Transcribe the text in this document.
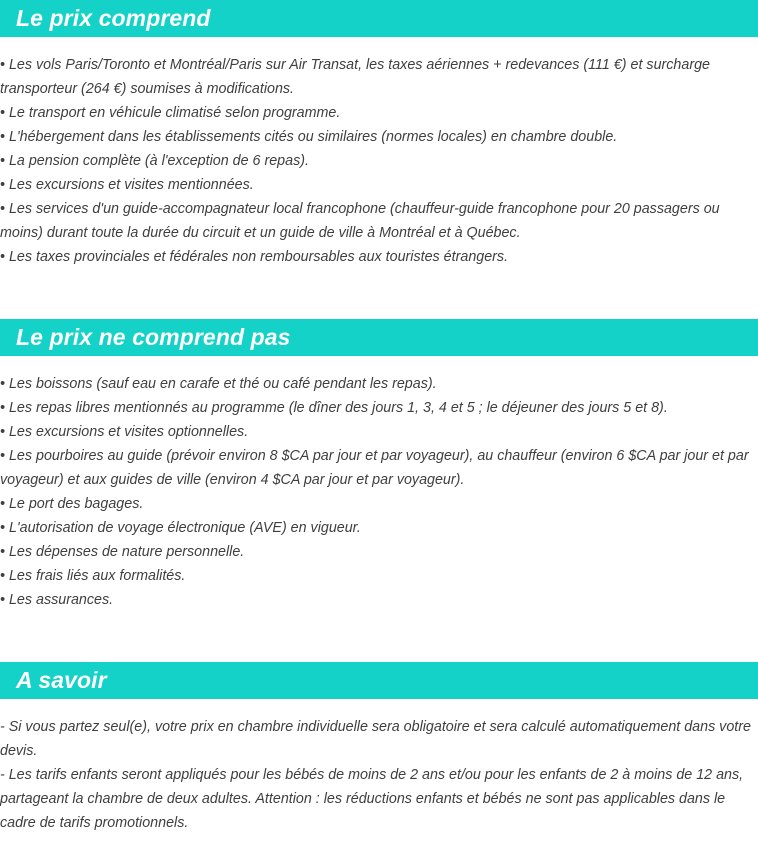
Le prix comprend
• Les vols Paris/Toronto et Montréal/Paris sur Air Transat, les taxes aériennes + redevances (111 €) et surcharge transporteur (264 €) soumises à modifications.
• Le transport en véhicule climatisé selon programme.
• L'hébergement dans les établissements cités ou similaires (normes locales) en chambre double.
• La pension complète (à l'exception de 6 repas).
• Les excursions et visites mentionnées.
• Les services d'un guide-accompagnateur local francophone (chauffeur-guide francophone pour 20 passagers ou moins) durant toute la durée du circuit et un guide de ville à Montréal et à Québec.
• Les taxes provinciales et fédérales non remboursables aux touristes étrangers.
Le prix ne comprend pas
• Les boissons (sauf eau en carafe et thé ou café pendant les repas).
• Les repas libres mentionnés au programme (le dîner des jours 1, 3, 4 et 5 ; le déjeuner des jours 5 et 8).
• Les excursions et visites optionnelles.
• Les pourboires au guide (prévoir environ 8 $CA par jour et par voyageur), au chauffeur (environ 6 $CA par jour et par voyageur) et aux guides de ville (environ 4 $CA par jour et par voyageur).
• Le port des bagages.
• L'autorisation de voyage électronique (AVE) en vigueur.
• Les dépenses de nature personnelle.
• Les frais liés aux formalités.
• Les assurances.
A savoir
- Si vous partez seul(e), votre prix en chambre individuelle sera obligatoire et sera calculé automatiquement dans votre devis.
- Les tarifs enfants seront appliqués pour les bébés de moins de 2 ans et/ou pour les enfants de 2 à moins de 12 ans, partageant la chambre de deux adultes. Attention : les réductions enfants et bébés ne sont pas applicables dans le cadre de tarifs promotionnels.
